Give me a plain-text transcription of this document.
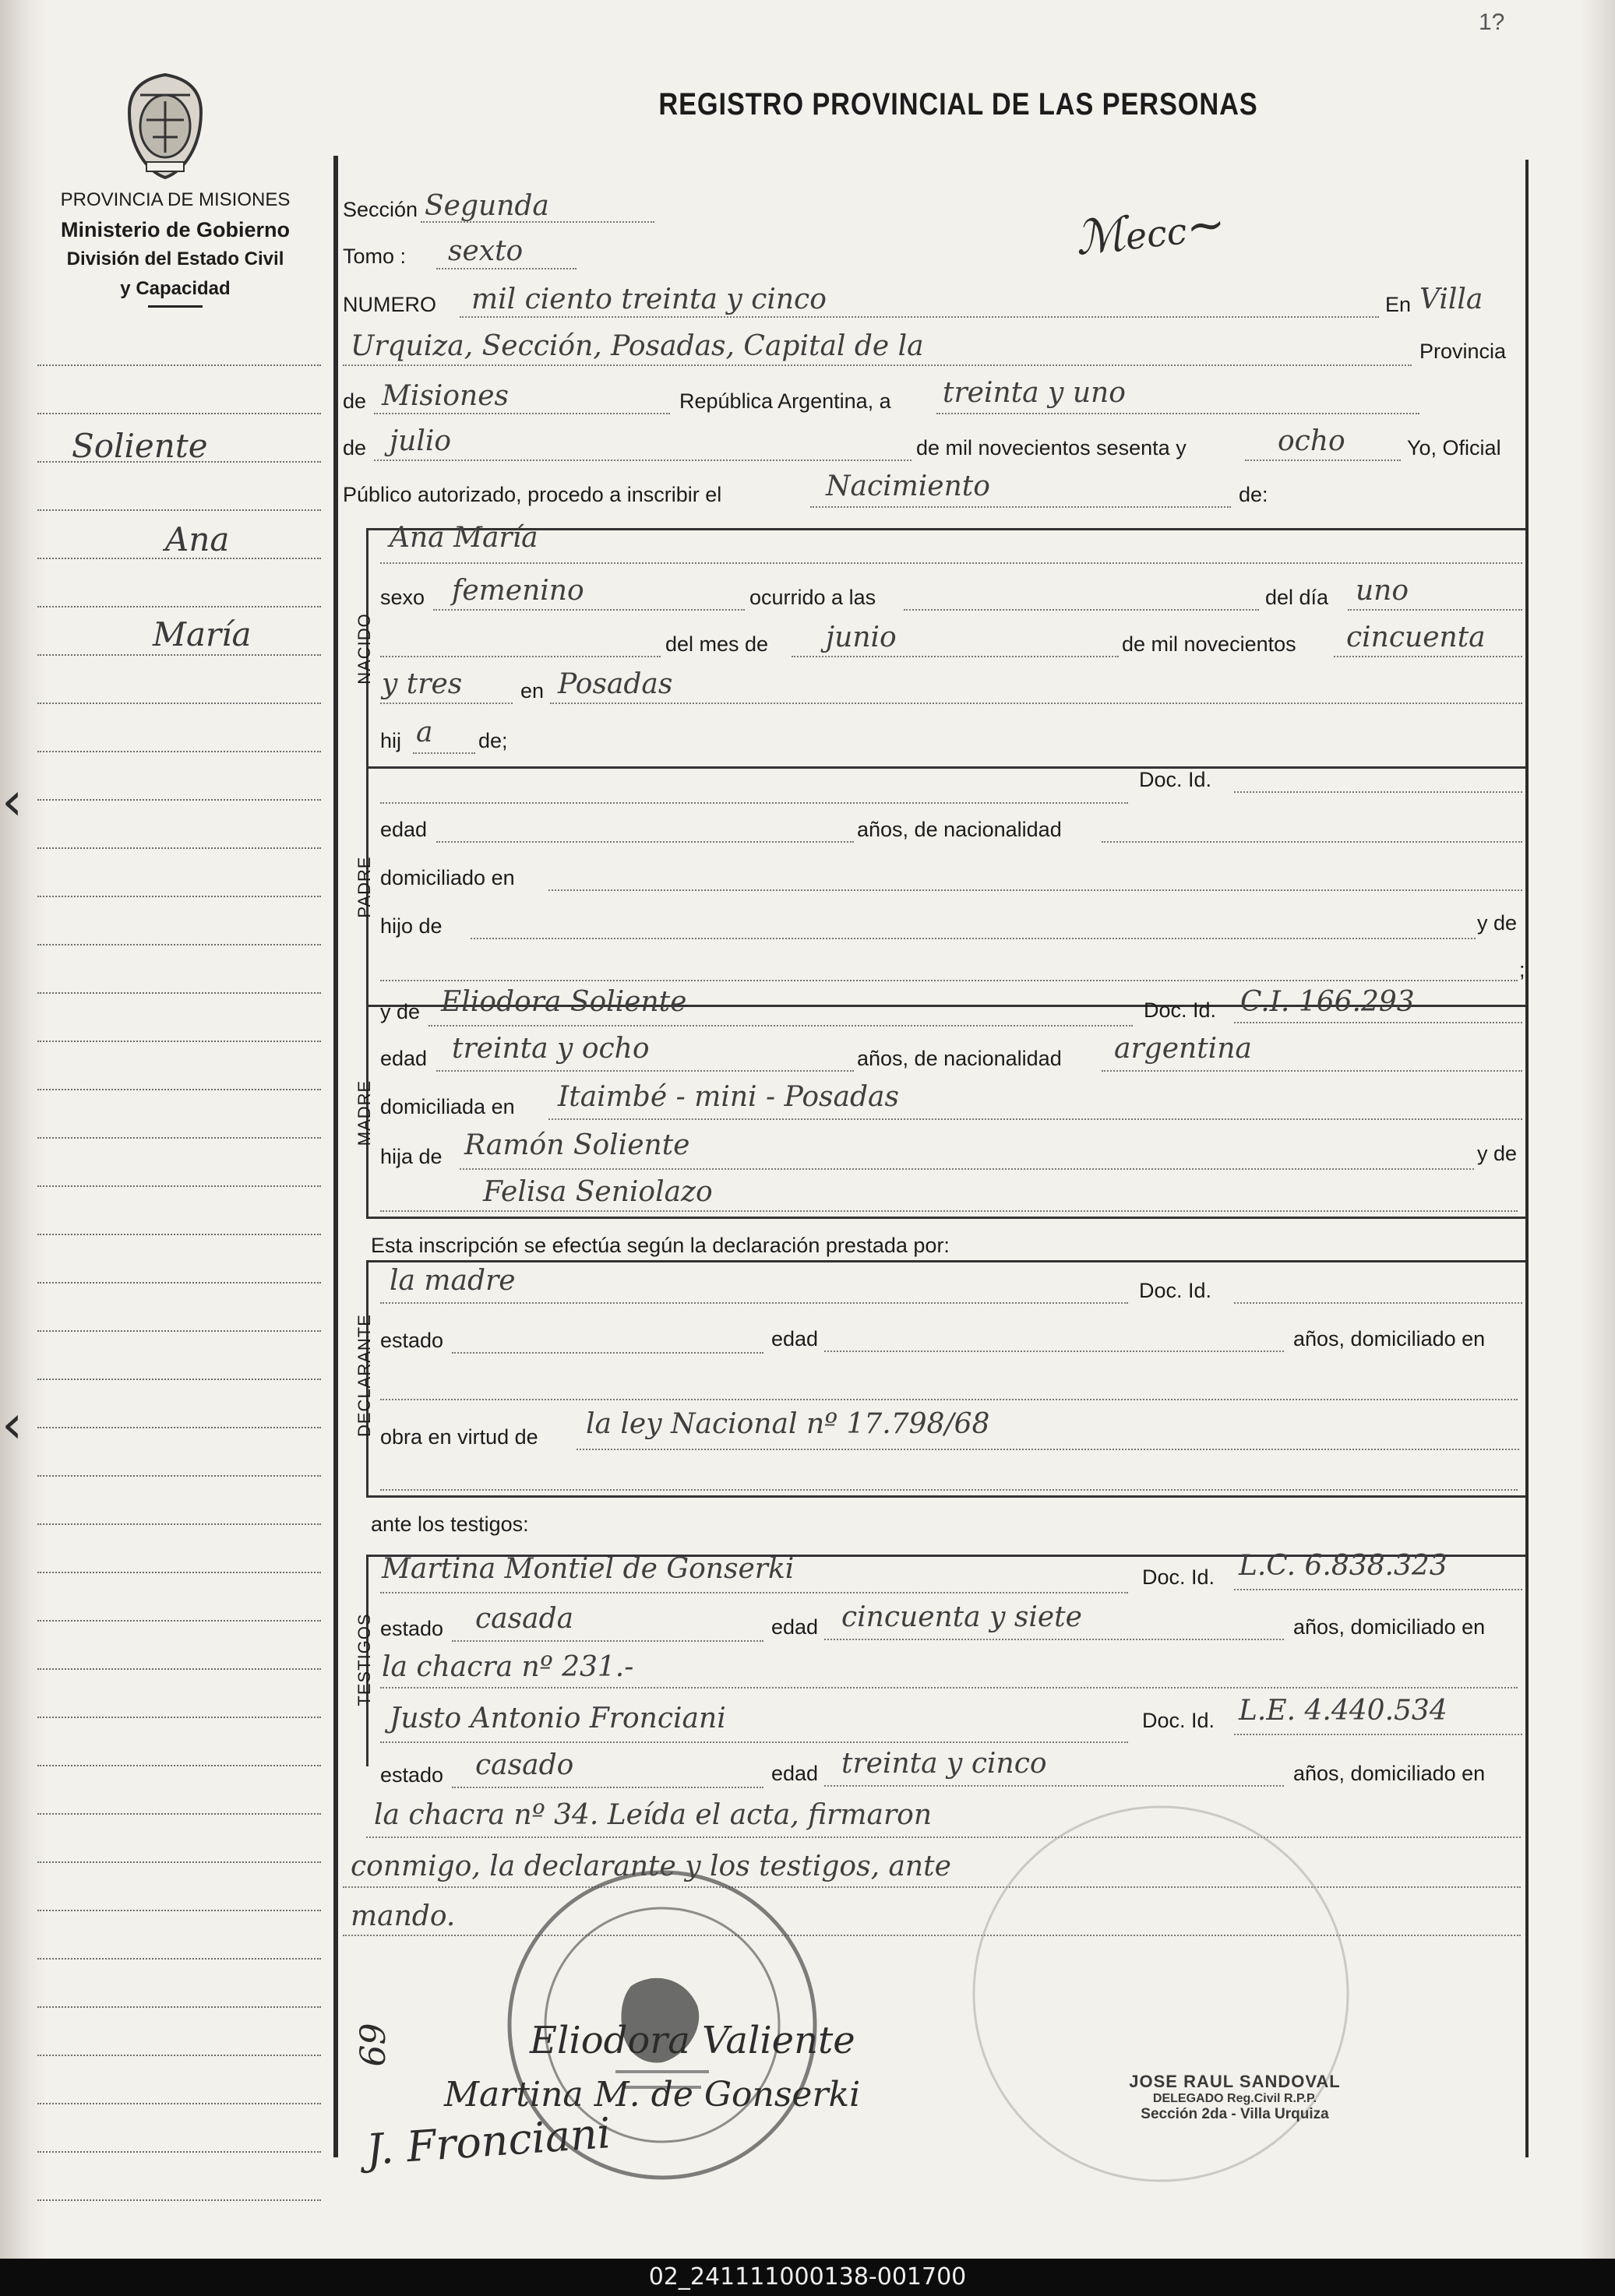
1?
PROVINCIA DE MISIONES
Ministerio de Gobierno
División del Estado Civil
y Capacidad
REGISTRO PROVINCIAL DE LAS PERSONAS
Soliente
Ana
María
‹
‹
Sección Segunda
Tomo : sexto	ℳecc~
NUMERO mil ciento treinta y cinco	En Villa
Urquiza, Sección, Posadas, Capital de la	Provincia
de Misiones	República Argentina, a treinta y uno
de julio	de mil novecientos sesenta y	ocho	Yo, Oficial
Público autorizado, procedo a inscribir el	Nacimiento	de:
NACIDO
Ana María
sexo femenino	ocurrido a las	del día uno
del mes de junio	de mil novecientos cincuenta
y tres	en Posadas
hij a de;
PADRE
Doc. Id.
edad	años, de nacionalidad
domiciliado en
hijo de	y de
;
MADRE
y de Eliodora Soliente	Doc. Id. C.I. 166.293
edad treinta y ocho	años, de nacionalidad argentina
domiciliada en Itaimbé - mini - Posadas
hija de Ramón Soliente	y de
Felisa Seniolazo
Esta inscripción se efectúa según la declaración prestada por:
DECLARANTE
la madre	Doc. Id.
estado	edad	años, domiciliado en
obra en virtud de la ley Nacional nº 17.798/68
ante los testigos:
TESTIGOS
Martina Montiel de Gonserki	Doc. Id. L.C. 6.838.323
estado casada	edad cincuenta y siete	años, domiciliado en
la chacra nº 231.-
Justo Antonio Fronciani	Doc. Id. L.E. 4.440.534
estado casado	edad treinta y cinco	años, domiciliado en
la chacra nº 34. Leída el acta, firmaron
conmigo, la declarante y los testigos, ante
mando.
Eliodora Valiente
Martina M. de Gonserki
J. Fronciani
69
JOSE RAUL SANDOVAL
DELEGADO Reg.Civil R.P.P.
Sección 2da - Villa Urquiza
02_241111000138-001700
